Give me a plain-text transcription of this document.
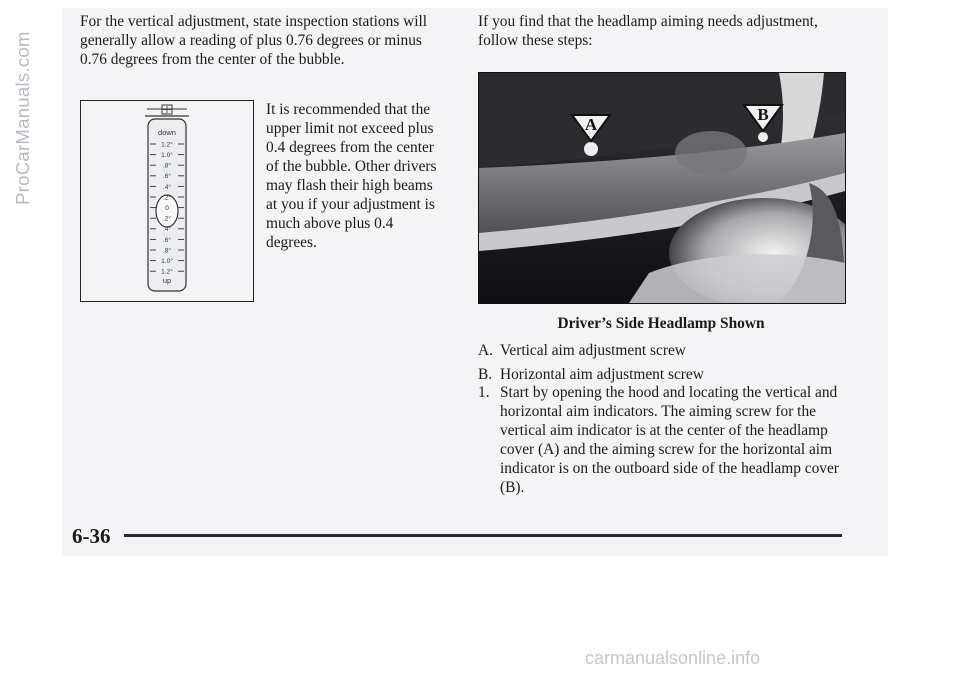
For the vertical adjustment, state inspection stations will generally allow a reading of plus 0.76 degrees or minus 0.76 degrees from the center of the bubble.
1.2°
1.0°
.8°
.6°
.4°
.2°
0
.2°
.4°
.6°
.8°
1.0°
1.2°
down
up
It is recommended that the upper limit not exceed plus 0.4 degrees from the center of the bubble. Other drivers may flash their high beams at you if your adjustment is much above plus 0.4 degrees.
If you find that the headlamp aiming needs adjustment, follow these steps:
A
B
Driver’s Side Headlamp Shown
A. Vertical aim adjustment screw
B. Horizontal aim adjustment screw
1. Start by opening the hood and locating the vertical and horizontal aim indicators. The aiming screw for the vertical aim indicator is at the center of the headlamp cover (A) and the aiming screw for the horizontal aim indicator is on the outboard side of the headlamp cover (B).
6-36
ProCarManuals.com
carmanualsonline.info
